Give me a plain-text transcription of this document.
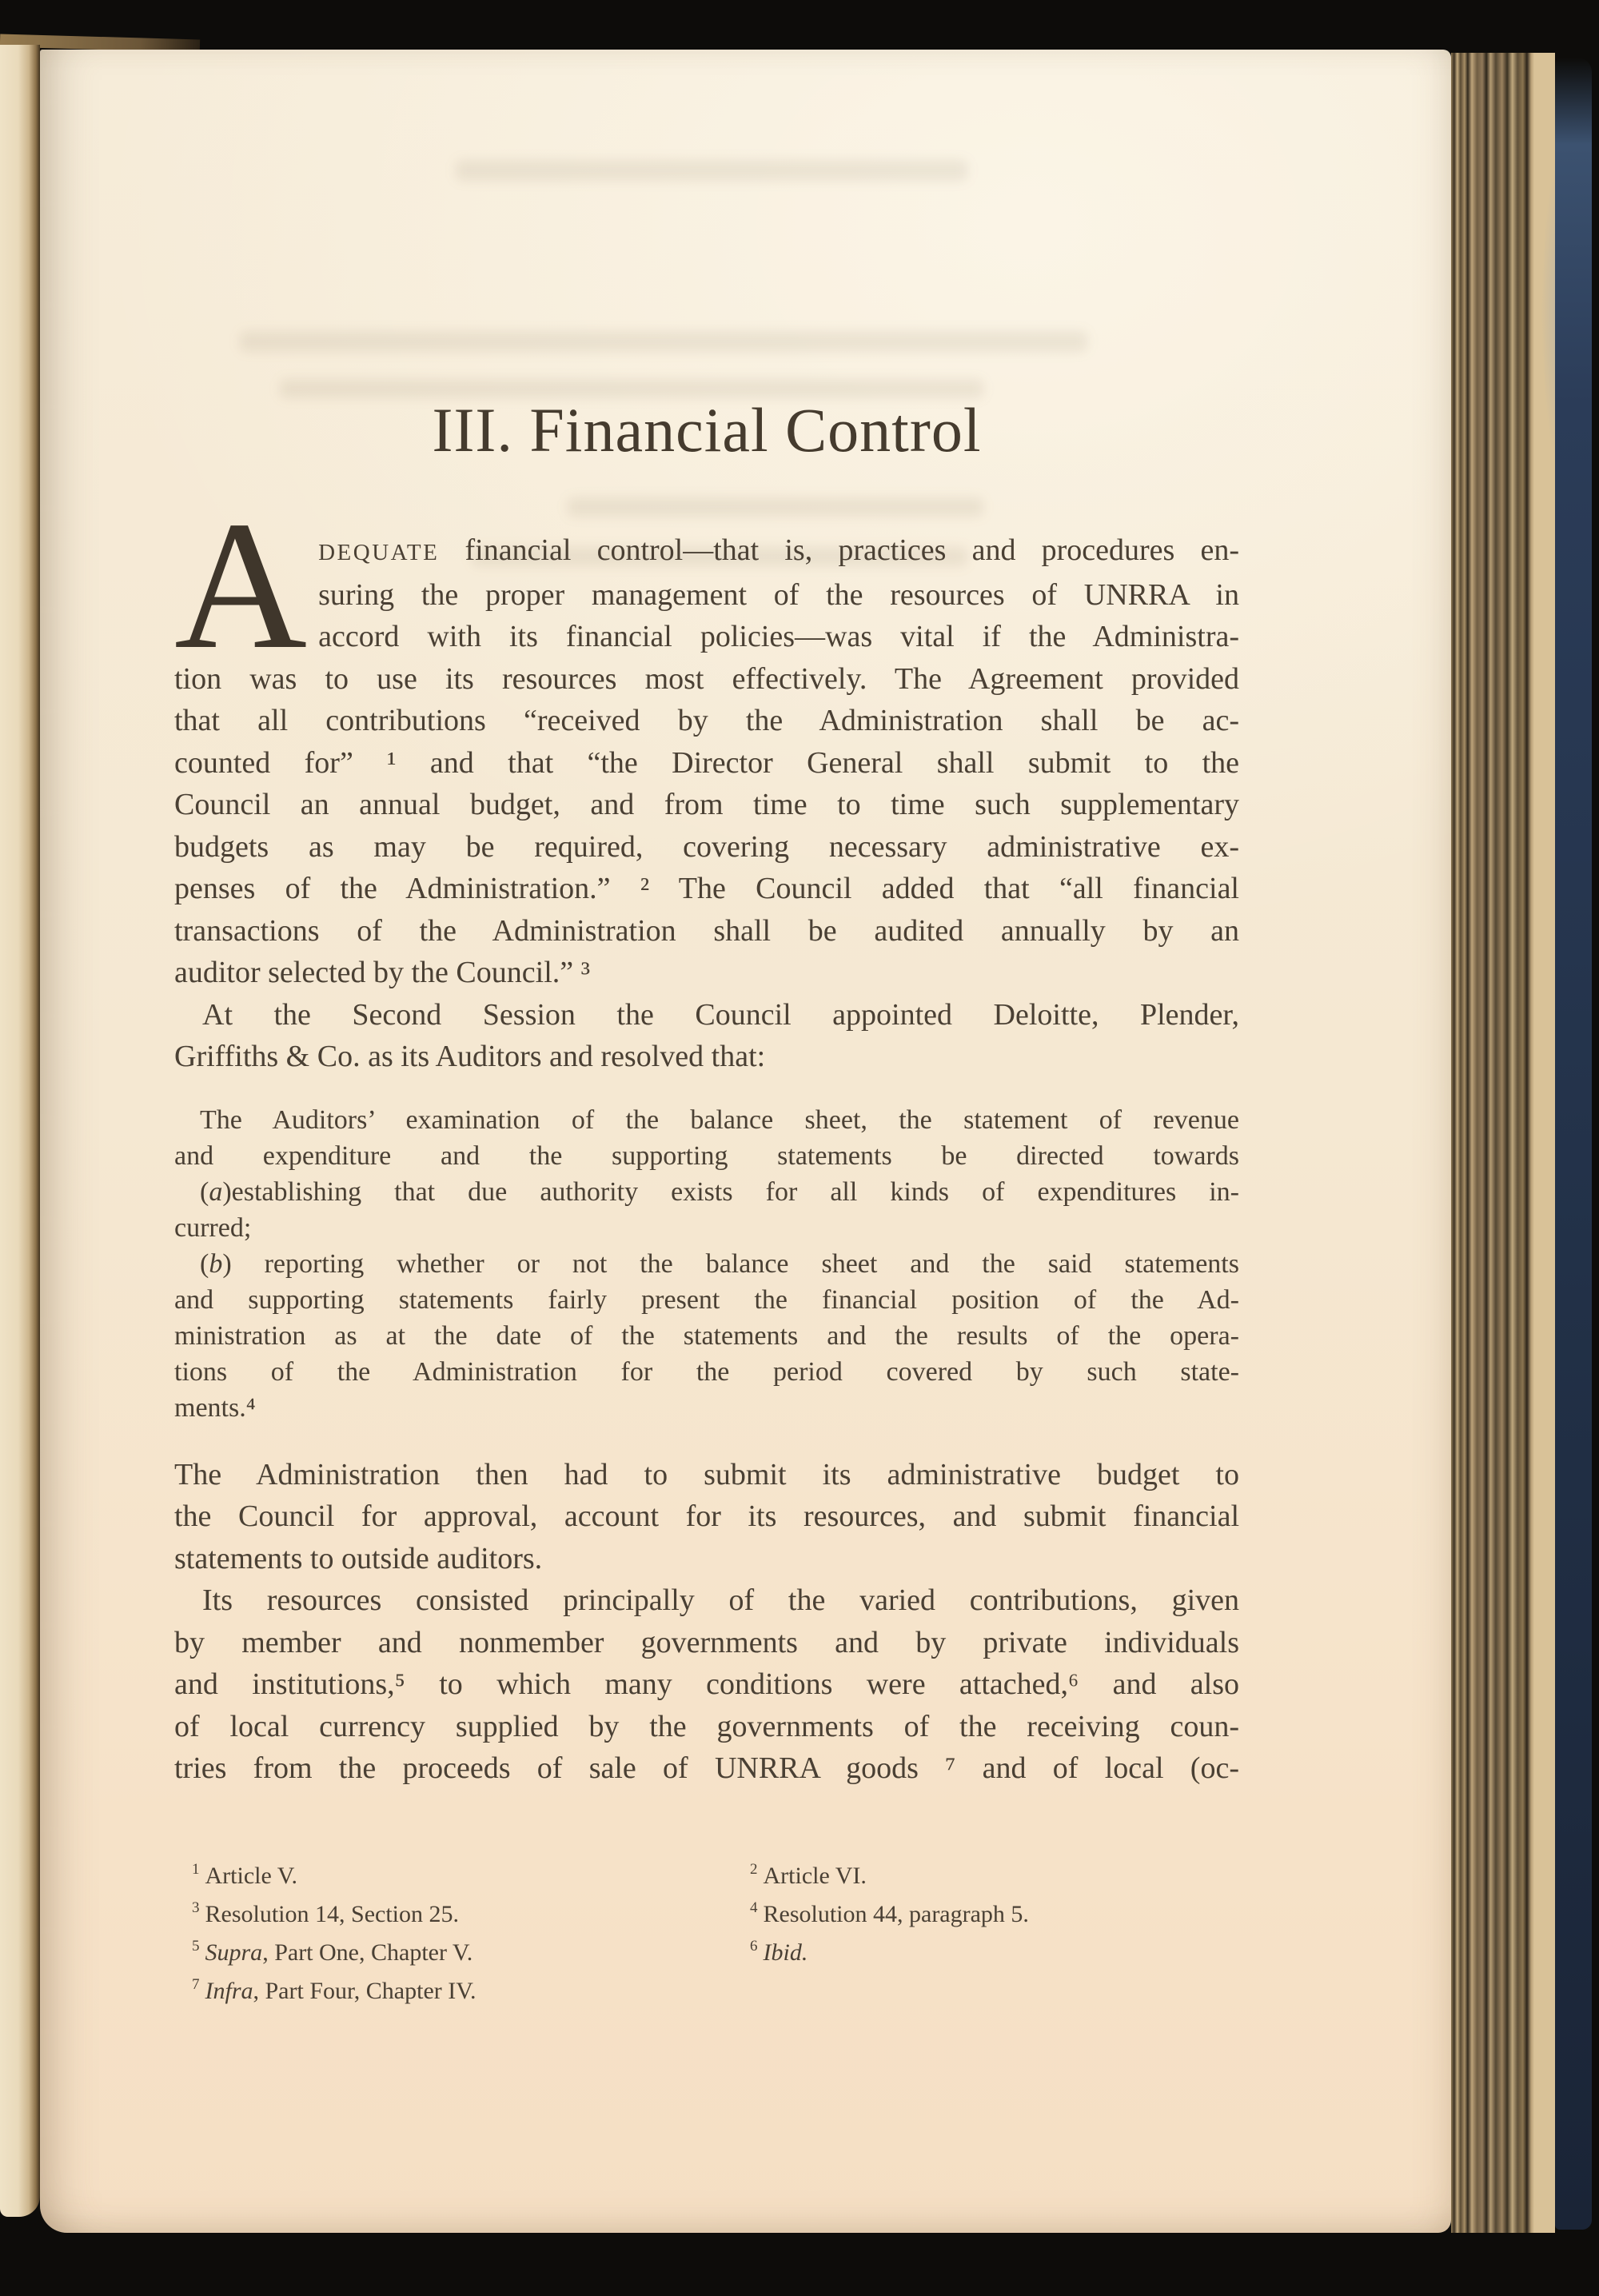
III. Financial Control
A DEQUATE financial control—that is, practices and procedures en-
suring the proper management of the resources of UNRRA in
accord with its financial policies—was vital if the Administra-
tion was to use its resources most effectively. The Agreement provided
that all contributions “received by the Administration shall be ac-
counted for” ¹ and that “the Director General shall submit to the
Council an annual budget, and from time to time such supplementary
budgets as may be required, covering necessary administrative ex-
penses of the Administration.” ² The Council added that “all financial
transactions of the Administration shall be audited annually by an
auditor selected by the Council.” ³
At the Second Session the Council appointed Deloitte, Plender,
Griffiths & Co. as its Auditors and resolved that:
The Auditors’ examination of the balance sheet, the statement of revenue
and expenditure and the supporting statements be directed towards
(a)establishing that due authority exists for all kinds of expenditures in-
curred;
(b) reporting whether or not the balance sheet and the said statements
and supporting statements fairly present the financial position of the Ad-
ministration as at the date of the statements and the results of the opera-
tions of the Administration for the period covered by such state-
ments.⁴
The Administration then had to submit its administrative budget to
the Council for approval, account for its resources, and submit financial
statements to outside auditors.
Its resources consisted principally of the varied contributions, given
by member and nonmember governments and by private individuals
and institutions,⁵ to which many conditions were attached,⁶ and also
of local currency supplied by the governments of the receiving coun-
tries from the proceeds of sale of UNRRA goods ⁷ and of local (oc-
$^1$ Article V.
$^3$ Resolution 14, Section 25.
$^5$ Supra, Part One, Chapter V.
$^7$ Infra, Part Four, Chapter IV.
$^2$ Article VI.
$^4$ Resolution 44, paragraph 5.
$^6$ Ibid.
